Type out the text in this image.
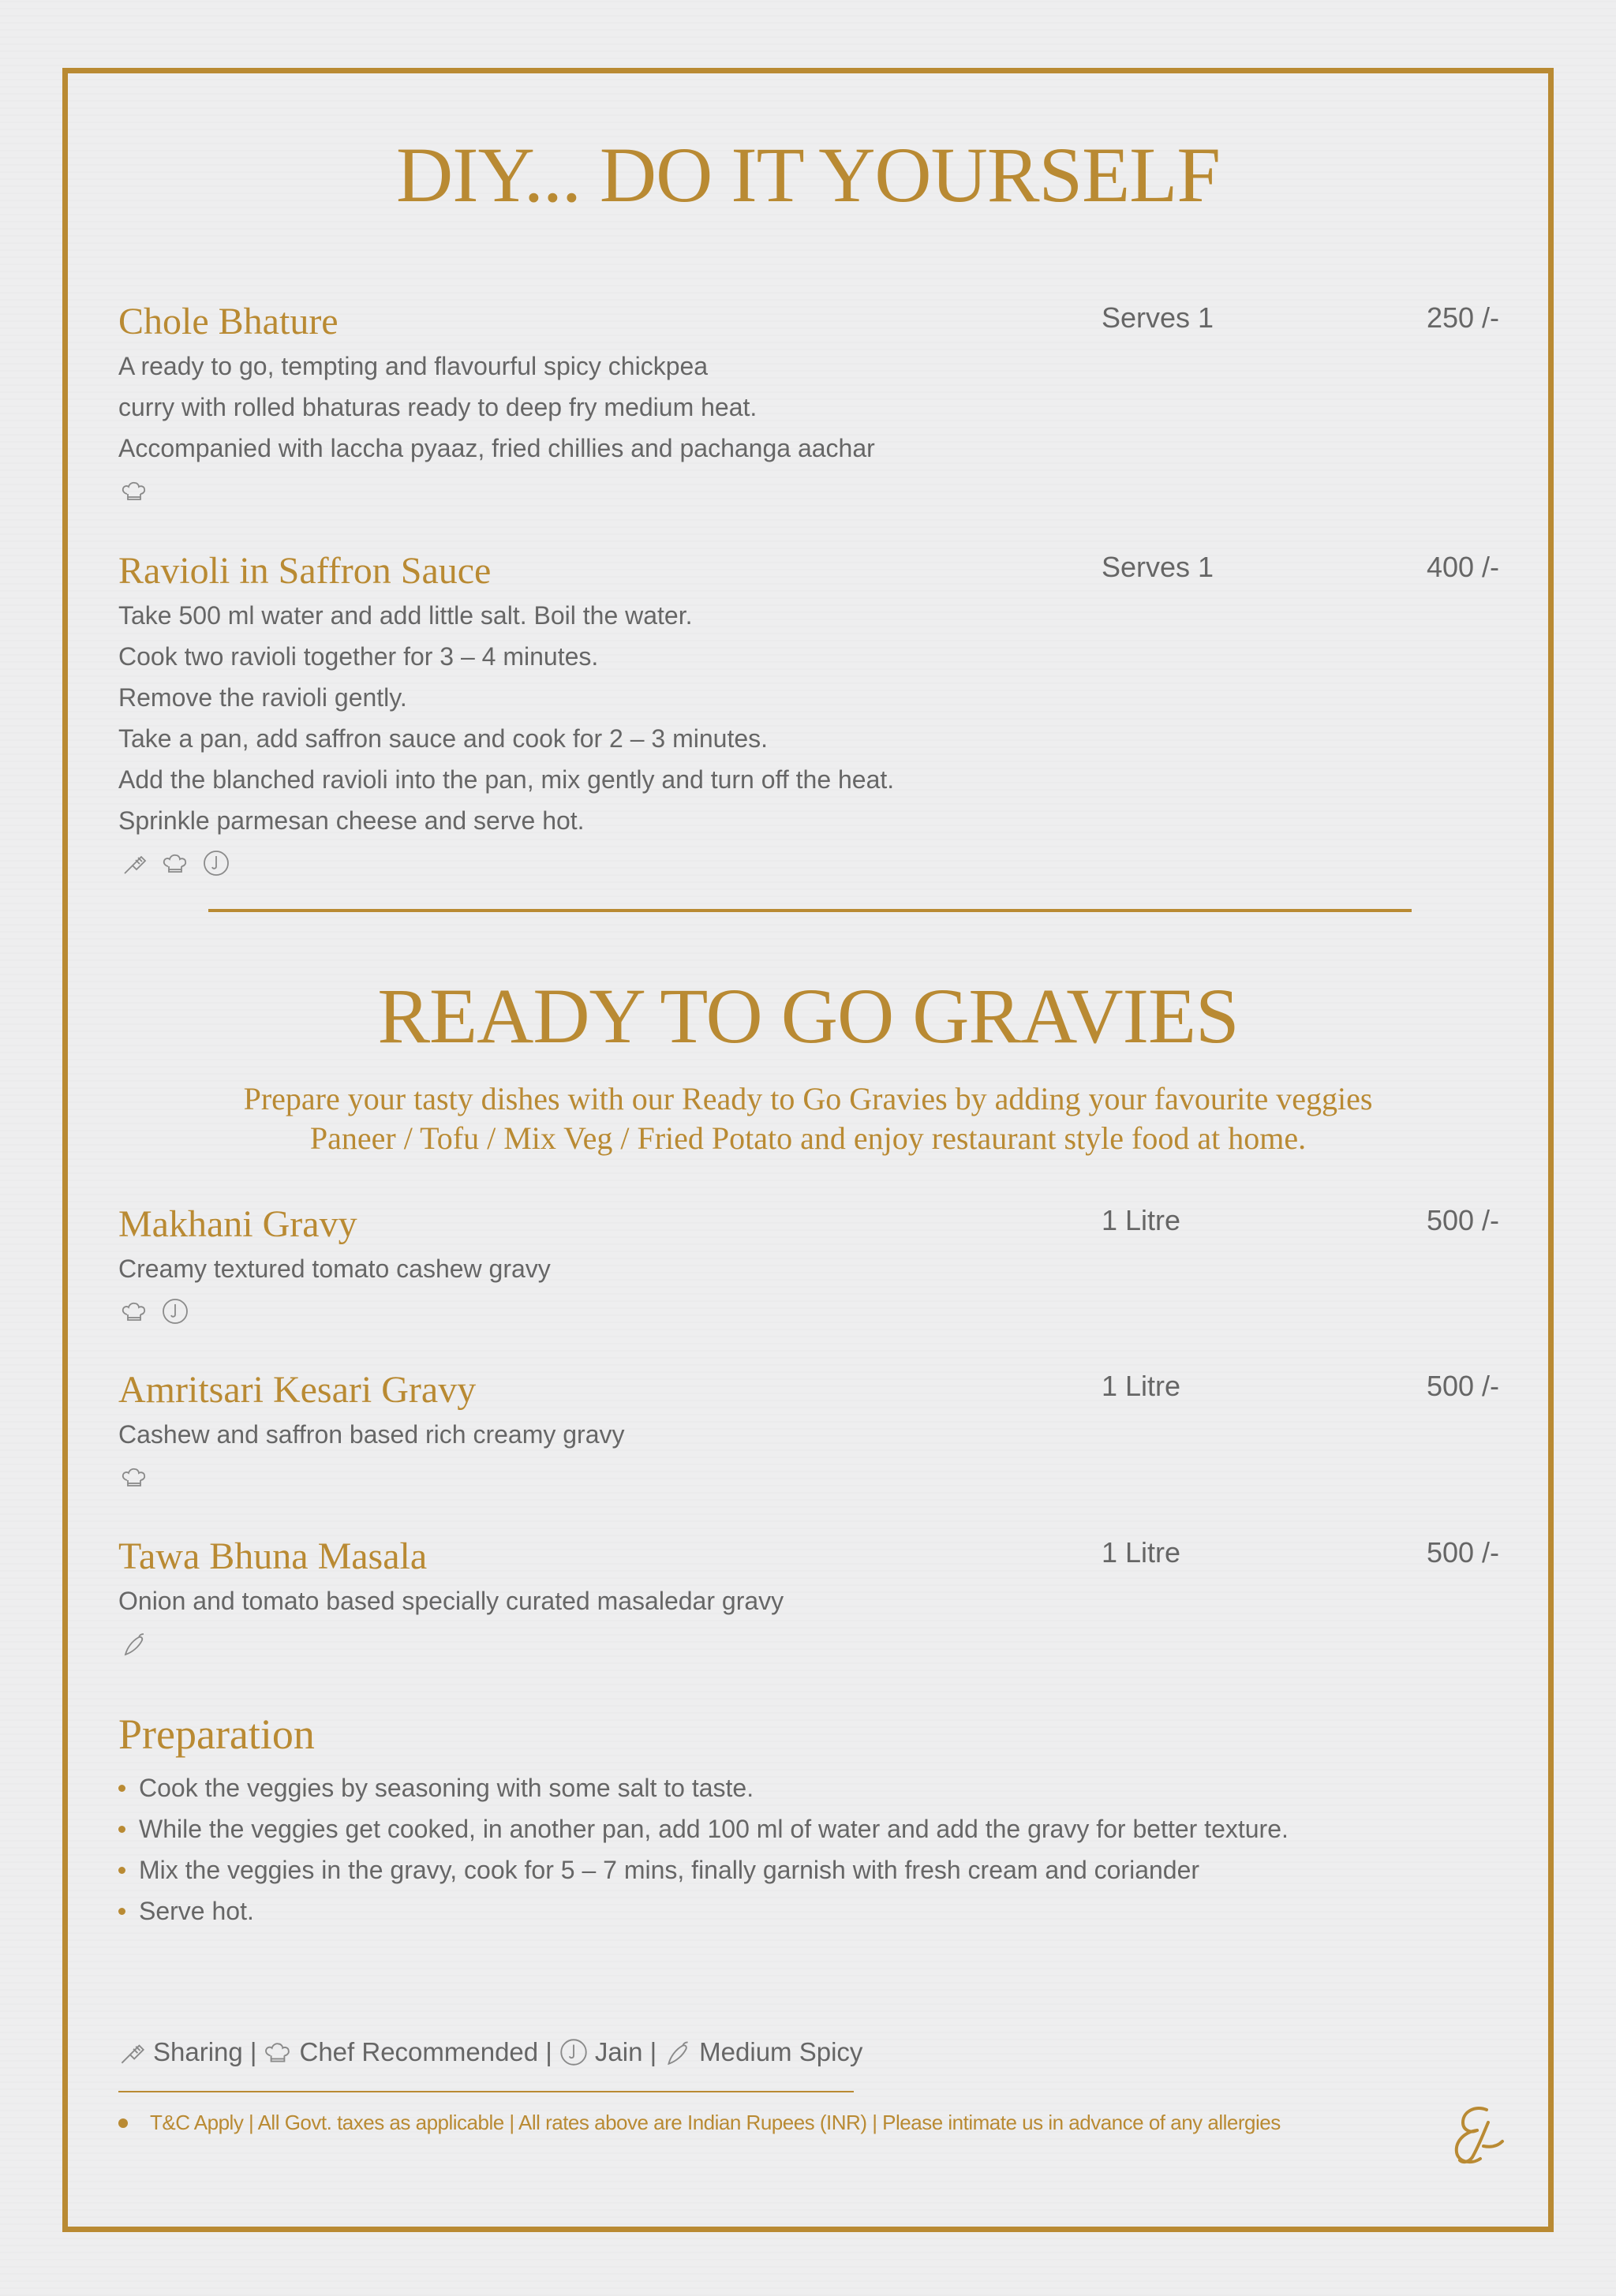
DIY... DO IT YOURSELF
Chole Bhature	Serves 1	250 /-
A ready to go, tempting and flavourful spicy chickpea
curry with rolled bhaturas ready to deep fry medium heat.
Accompanied with laccha pyaaz, fried chillies and pachanga aachar
Ravioli in Saffron Sauce	Serves 1	400 /-
Take 500 ml water and add little salt. Boil the water.
Cook two ravioli together for 3 – 4 minutes.
Remove the ravioli gently.
Take a pan, add saffron sauce and cook for 2 – 3 minutes.
Add the blanched ravioli into the pan, mix gently and turn off the heat.
Sprinkle parmesan cheese and serve hot.
READY TO GO GRAVIES
Prepare your tasty dishes with our Ready to Go Gravies by adding your favourite veggies
Paneer / Tofu / Mix Veg / Fried Potato and enjoy restaurant style food at home.
Makhani Gravy	1 Litre	500 /-
Creamy textured tomato cashew gravy
Amritsari Kesari Gravy	1 Litre	500 /-
Cashew and saffron based rich creamy gravy
Tawa Bhuna Masala	1 Litre	500 /-
Onion and tomato based specially curated masaledar gravy
Preparation
Cook the veggies by seasoning with some salt to taste.
While the veggies get cooked, in another pan, add 100 ml of water and add the gravy for better texture.
Mix the veggies in the gravy, cook for 5 – 7 mins, finally garnish with fresh cream and coriander
Serve hot.
Sharing | Chef Recommended | Jain | Medium Spicy
T&C Apply | All Govt. taxes as applicable | All rates above are Indian Rupees (INR) | Please intimate us in advance of any allergies
